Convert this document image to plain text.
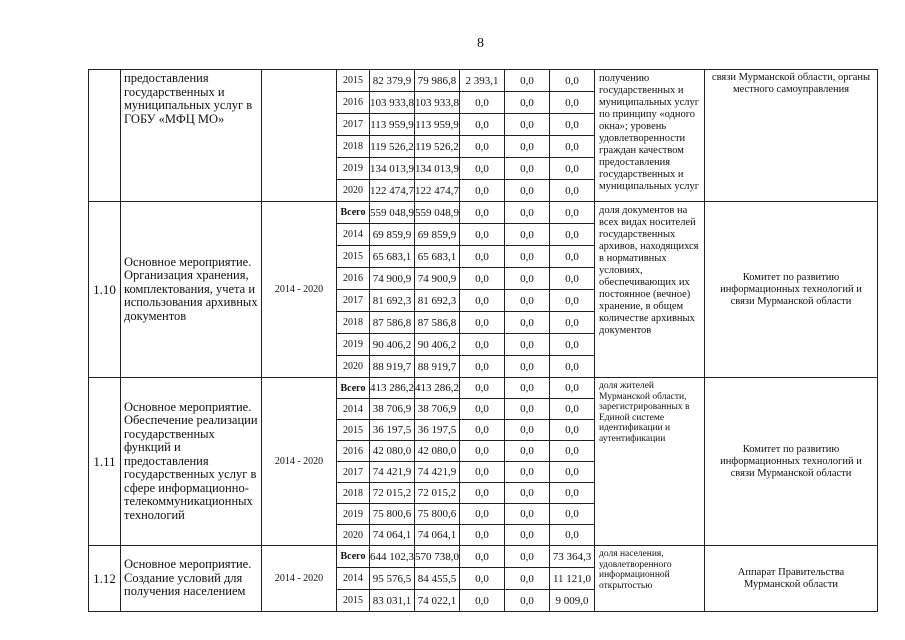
8
	предоставления государственных и муниципальных услуг в ГОБУ «МФЦ МО»		2015	82 379,9	79 986,8	2 393,1	0,0	0,0	получению государственных и муниципальных услуг по принципу «одного окна»; уровень удовлетворенности граждан качеством предоставления государственных и муниципальных услуг	связи Мурманской области, органы местного самоуправления
			2016	103 933,8	103 933,8	0,0	0,0	0,0		
			2017	113 959,9	113 959,9	0,0	0,0	0,0		
			2018	119 526,2	119 526,2	0,0	0,0	0,0		
			2019	134 013,9	134 013,9	0,0	0,0	0,0		
			2020	122 474,7	122 474,7	0,0	0,0	0,0		
1.10	Основное мероприятие. Организация хранения, комплектования, учета и использования архивных документов	2014 - 2020	Всего	559 048,9	559 048,9	0,0	0,0	0,0	доля документов на всех видах носителей государственных архивов, находящихся в нормативных условиях, обеспечивающих их постоянное (вечное) хранение, в общем количестве архивных документов	Комитет по развитию информационных технологий и связи Мурманской области
			2014	69 859,9	69 859,9	0,0	0,0	0,0		
			2015	65 683,1	65 683,1	0,0	0,0	0,0		
			2016	74 900,9	74 900,9	0,0	0,0	0,0		
			2017	81 692,3	81 692,3	0,0	0,0	0,0		
			2018	87 586,8	87 586,8	0,0	0,0	0,0		
			2019	90 406,2	90 406,2	0,0	0,0	0,0		
			2020	88 919,7	88 919,7	0,0	0,0	0,0		
1.11	Основное мероприятие. Обеспечение реализации государственных функций и предоставления государственных услуг в сфере информационно-телекоммуникационных технологий	2014 - 2020	Всего	413 286,2	413 286,2	0,0	0,0	0,0	доля жителей Мурманской области, зарегистрированных в Единой системе идентификации и аутентификации	Комитет по развитию информационных технологий и связи Мурманской области
			2014	38 706,9	38 706,9	0,0	0,0	0,0		
			2015	36 197,5	36 197,5	0,0	0,0	0,0		
			2016	42 080,0	42 080,0	0,0	0,0	0,0		
			2017	74 421,9	74 421,9	0,0	0,0	0,0		
			2018	72 015,2	72 015,2	0,0	0,0	0,0		
			2019	75 800,6	75 800,6	0,0	0,0	0,0		
			2020	74 064,1	74 064,1	0,0	0,0	0,0		
1.12	Основное мероприятие. Создание условий для получения населением	2014 - 2020	Всего	644 102,3	570 738,0	0,0	0,0	73 364,3	доля населения, удовлетворенного информационной открытостью	Аппарат Правительства Мурманской области
			2014	95 576,5	84 455,5	0,0	0,0	11 121,0		
			2015	83 031,1	74 022,1	0,0	0,0	9 009,0		
